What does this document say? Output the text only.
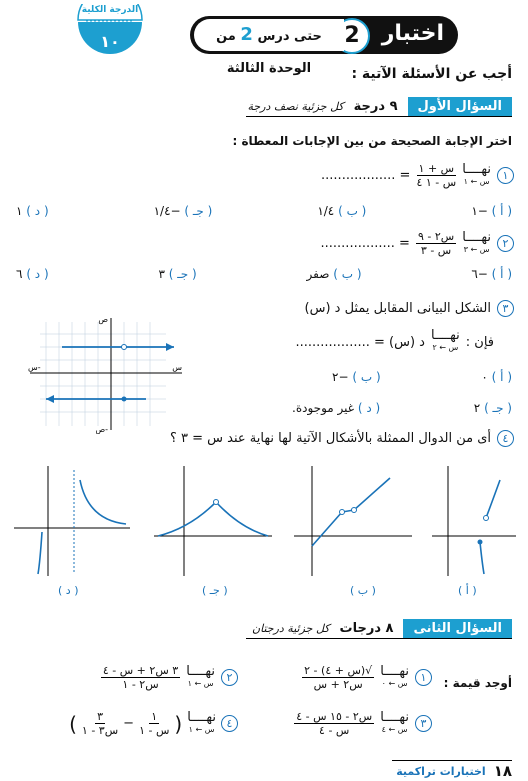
اختبار
2
حتى درس 2 من الوحدة الثالثة
الدرجة الكلية
١٠
أجب عن الأسئلة الآتية :
السؤال الأول
٩ درجة
كل جزئية نصف درجة
اختر الإجابة الصحيحة من بين الإجابات المعطاة :
١
نهــــا
س ← ١
$\frac{\text{س + ١}}{\text{س - ١ ٤}}$
= ..................
( أ ) −١
( ب ) ١/٤
( جـ ) −١/٤
( د ) ١
٢
نهــــا
س ← ٣
$\frac{\text{س٢ - ٩}}{\text{س - ٣}}$
= ..................
( أ ) −٦
( ب ) صفر
( جـ ) ٣
( د ) ٦
٣
الشكل البيانى المقابل يمثل د (س)
فإن :
نهــــا
س ← ٢
د (س) = ..................
( أ ) ٠
( ب ) −٢
( جـ ) ٢
( د ) غير موجودة.
ص
ص-
س
س-
٤
أى من الدوال الممثلة بالأشكال الآتية لها نهاية عند س = ٣ ؟
( د )	( جـ )	( ب )	( أ )
السؤال الثانى
٨ درجات
كل جزئية درجتان
أوجد قيمة :
١
نهــــا
س ← ٠
$\frac{\text{√(س + ٤) - ٢}}{\text{س٢ + س}}$
٢
نهــــا
س ← ١
$\frac{\text{٣ س٢ + س - ٤}}{\text{س٢ - ١}}$
٣
نهــــا
س ← ٤
$\frac{\text{س٢ - ١٥ س - ٤}}{\text{س - ٤}}$
٤
نهــــا
س ← ١
(
$\frac{١}{\text{س - ١}}$
−
$\frac{٣}{\text{س٣ - ١}}$
)
١٨
اختبارات تراكمية
